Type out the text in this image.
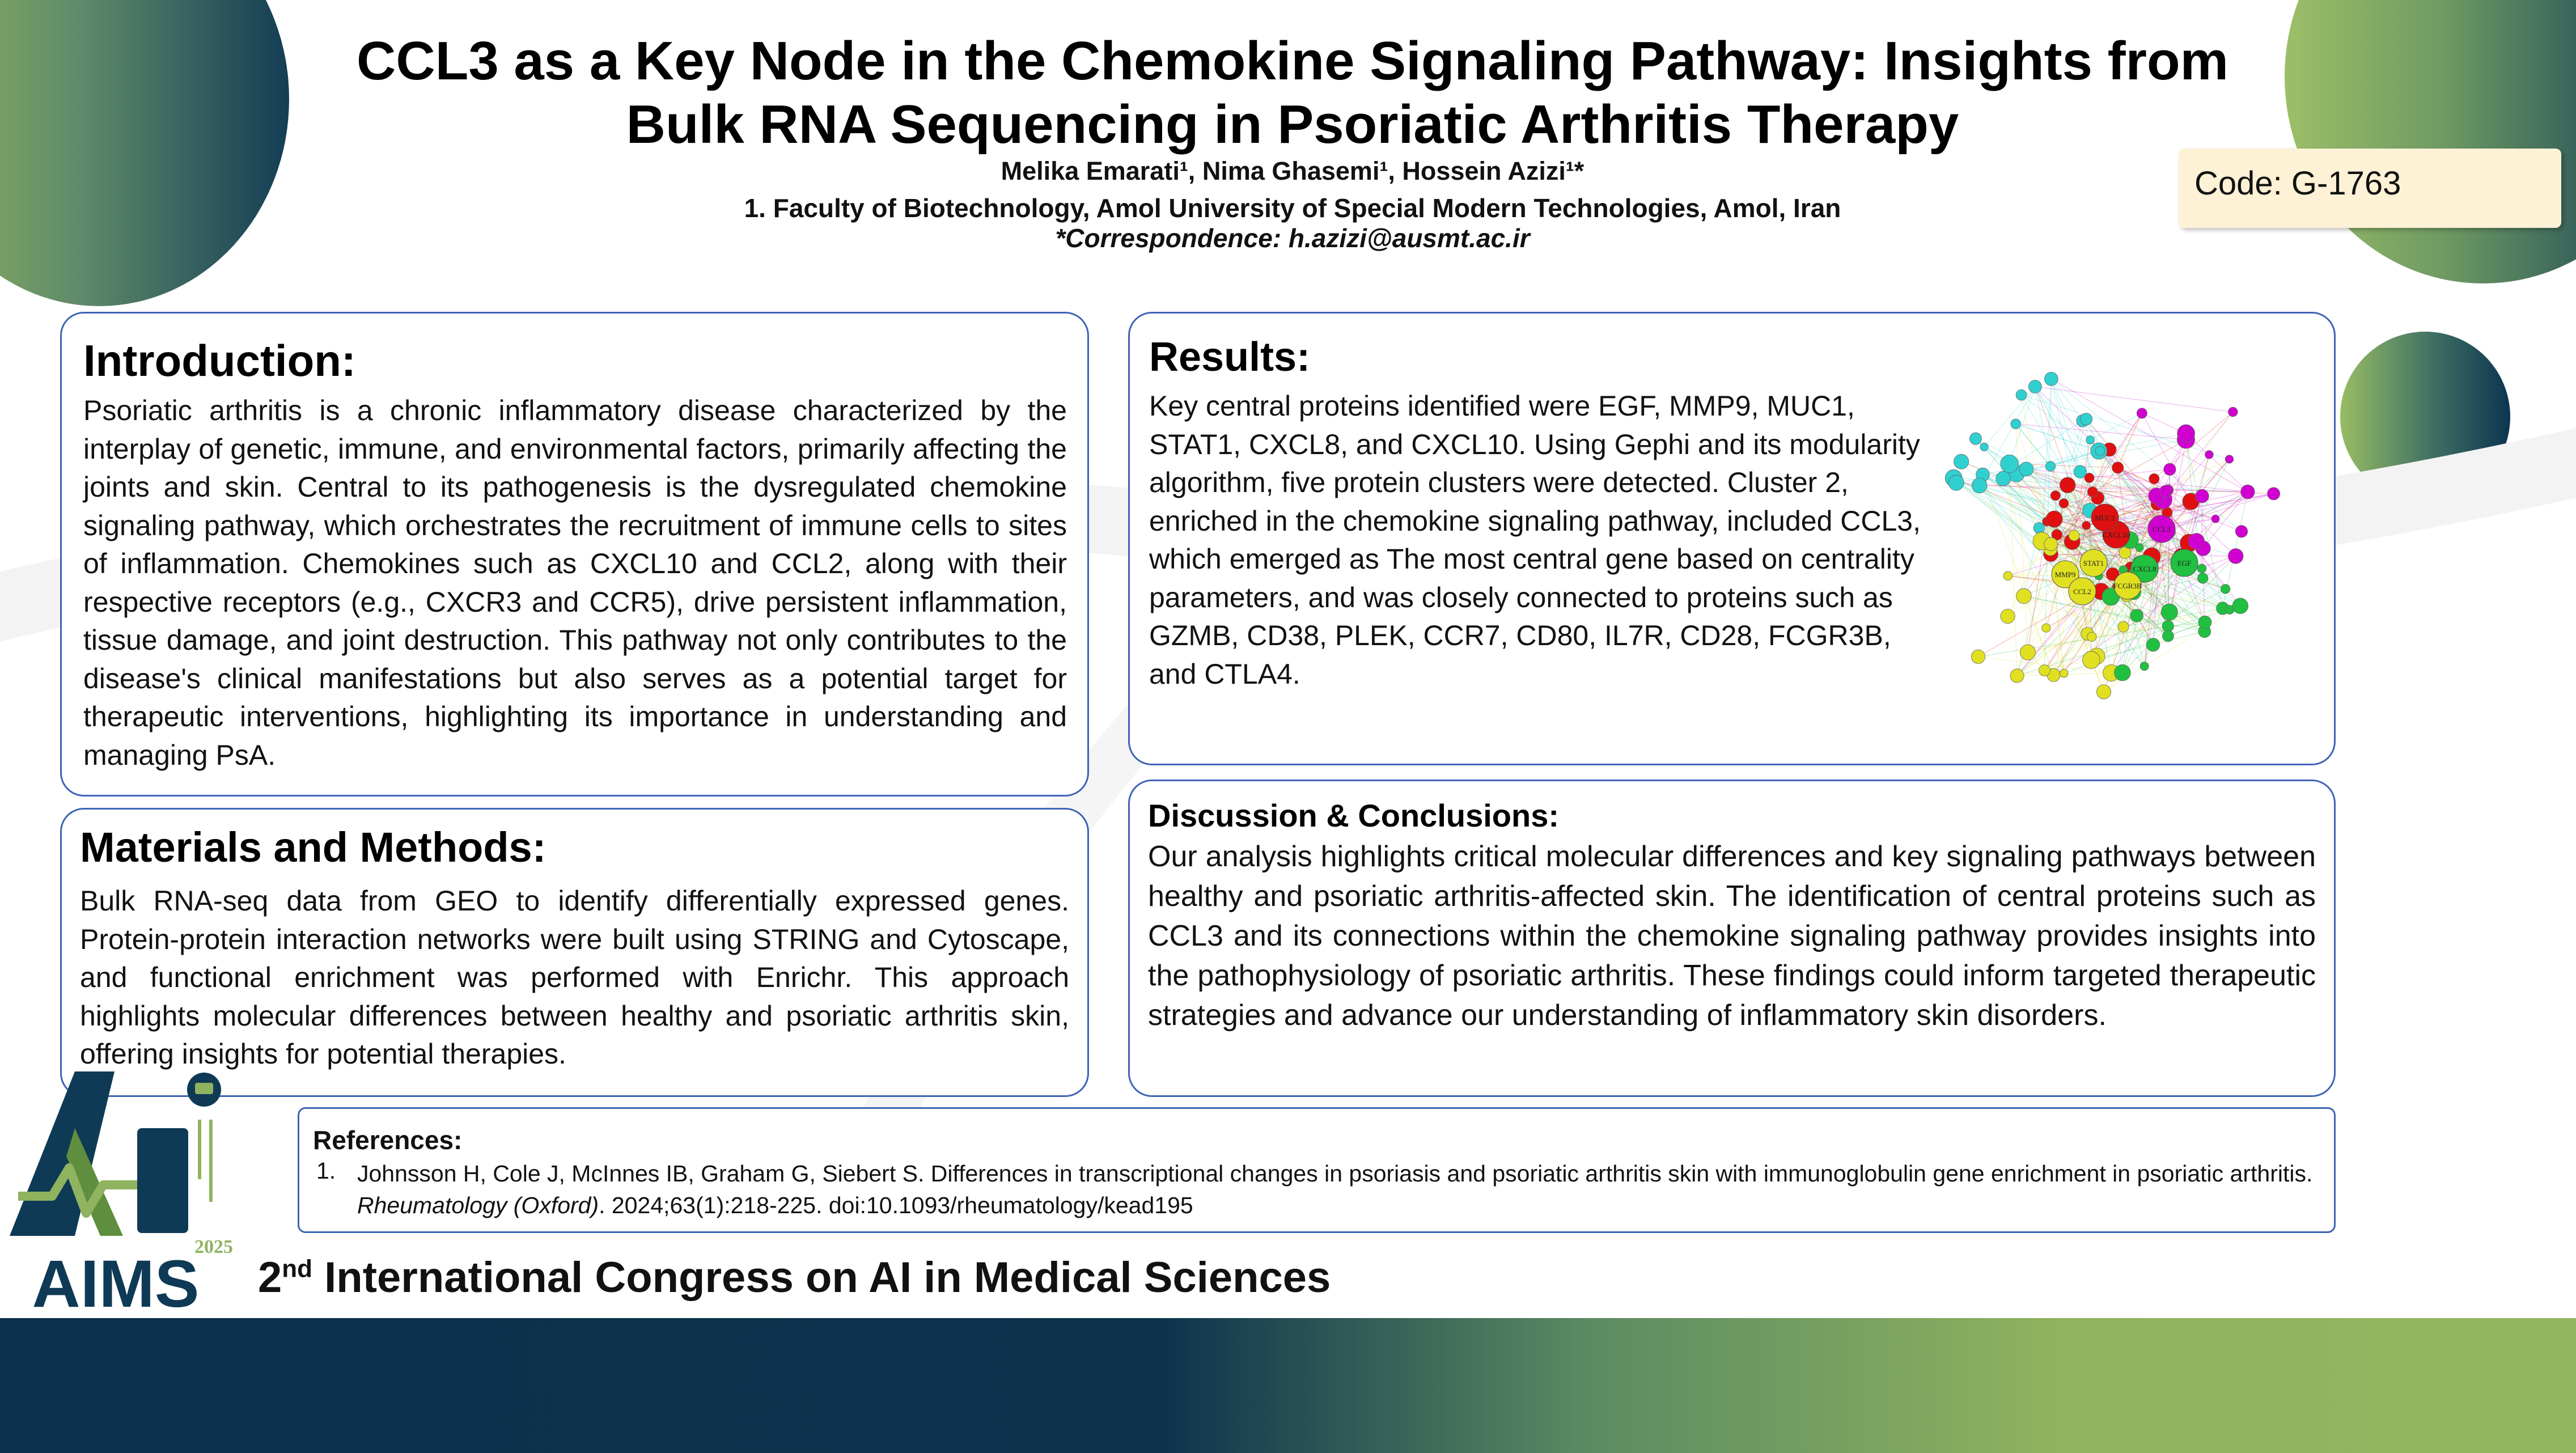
CCL3 as a Key Node in the Chemokine Signaling Pathway: Insights from Bulk RNA Sequencing in Psoriatic Arthritis Therapy
Melika Emarati¹, Nima Ghasemi¹, Hossein Azizi¹*
1. Faculty of Biotechnology, Amol University of Special Modern Technologies, Amol, Iran
*Correspondence: h.azizi@ausmt.ac.ir
Code: G-1763
Introduction:

Psoriatic arthritis is a chronic inflammatory disease characterized by the interplay of genetic, immune, and environmental factors, primarily affecting the joints and skin. Central to its pathogenesis is the dysregulated chemokine signaling pathway, which orchestrates the recruitment of immune cells to sites of inflammation. Chemokines such as CXCL10 and CCL2, along with their respective receptors (e.g., CXCR3 and CCR5), drive persistent inflammation, tissue damage, and joint destruction. This pathway not only contributes to the disease's clinical manifestations but also serves as a potential target for therapeutic interventions, highlighting its importance in understanding and managing PsA.

Materials and Methods:

Bulk RNA-seq data from GEO to identify differentially expressed genes. Protein-protein interaction networks were built using STRING and Cytoscape, and functional enrichment was performed with Enrichr. This approach highlights molecular differences between healthy and psoriatic arthritis skin, offering insights for potential therapies.

Results:

Key central proteins identified were EGF, MMP9, MUC1, STAT1, CXCL8, and CXCL10. Using Gephi and its modularity algorithm, five protein clusters were detected. Cluster 2, enriched in the chemokine signaling pathway, included CCL3, which emerged as The most central gene based on centrality parameters, and was closely connected to proteins such as GZMB, CD38, PLEK, CCR7, CD80, IL7R, CD28, FCGR3B, and CTLA4.

CXCL10
STAT1
CXCL8
CCL3
MMP9
FCGR3B
EGF
MUC1
CCL2
Discussion & Conclusions:

Our analysis highlights critical molecular differences and key signaling pathways between healthy and psoriatic arthritis-affected skin. The identification of central proteins such as CCL3 and its connections within the chemokine signaling pathway provides insights into the pathophysiology of psoriatic arthritis. These findings could inform targeted therapeutic strategies and advance our understanding of inflammatory skin disorders.

References:
1. Johnsson H, Cole J, McInnes IB, Graham G, Siebert S. Differences in transcriptional changes in psoriasis and psoriatic arthritis skin with immunoglobulin gene enrichment in psoriatic arthritis. Rheumatology (Oxford). 2024;63(1):218-225. doi:10.1093/rheumatology/kead195
2025
AIMS 2nd International Congress on AI in Medical Sciences
